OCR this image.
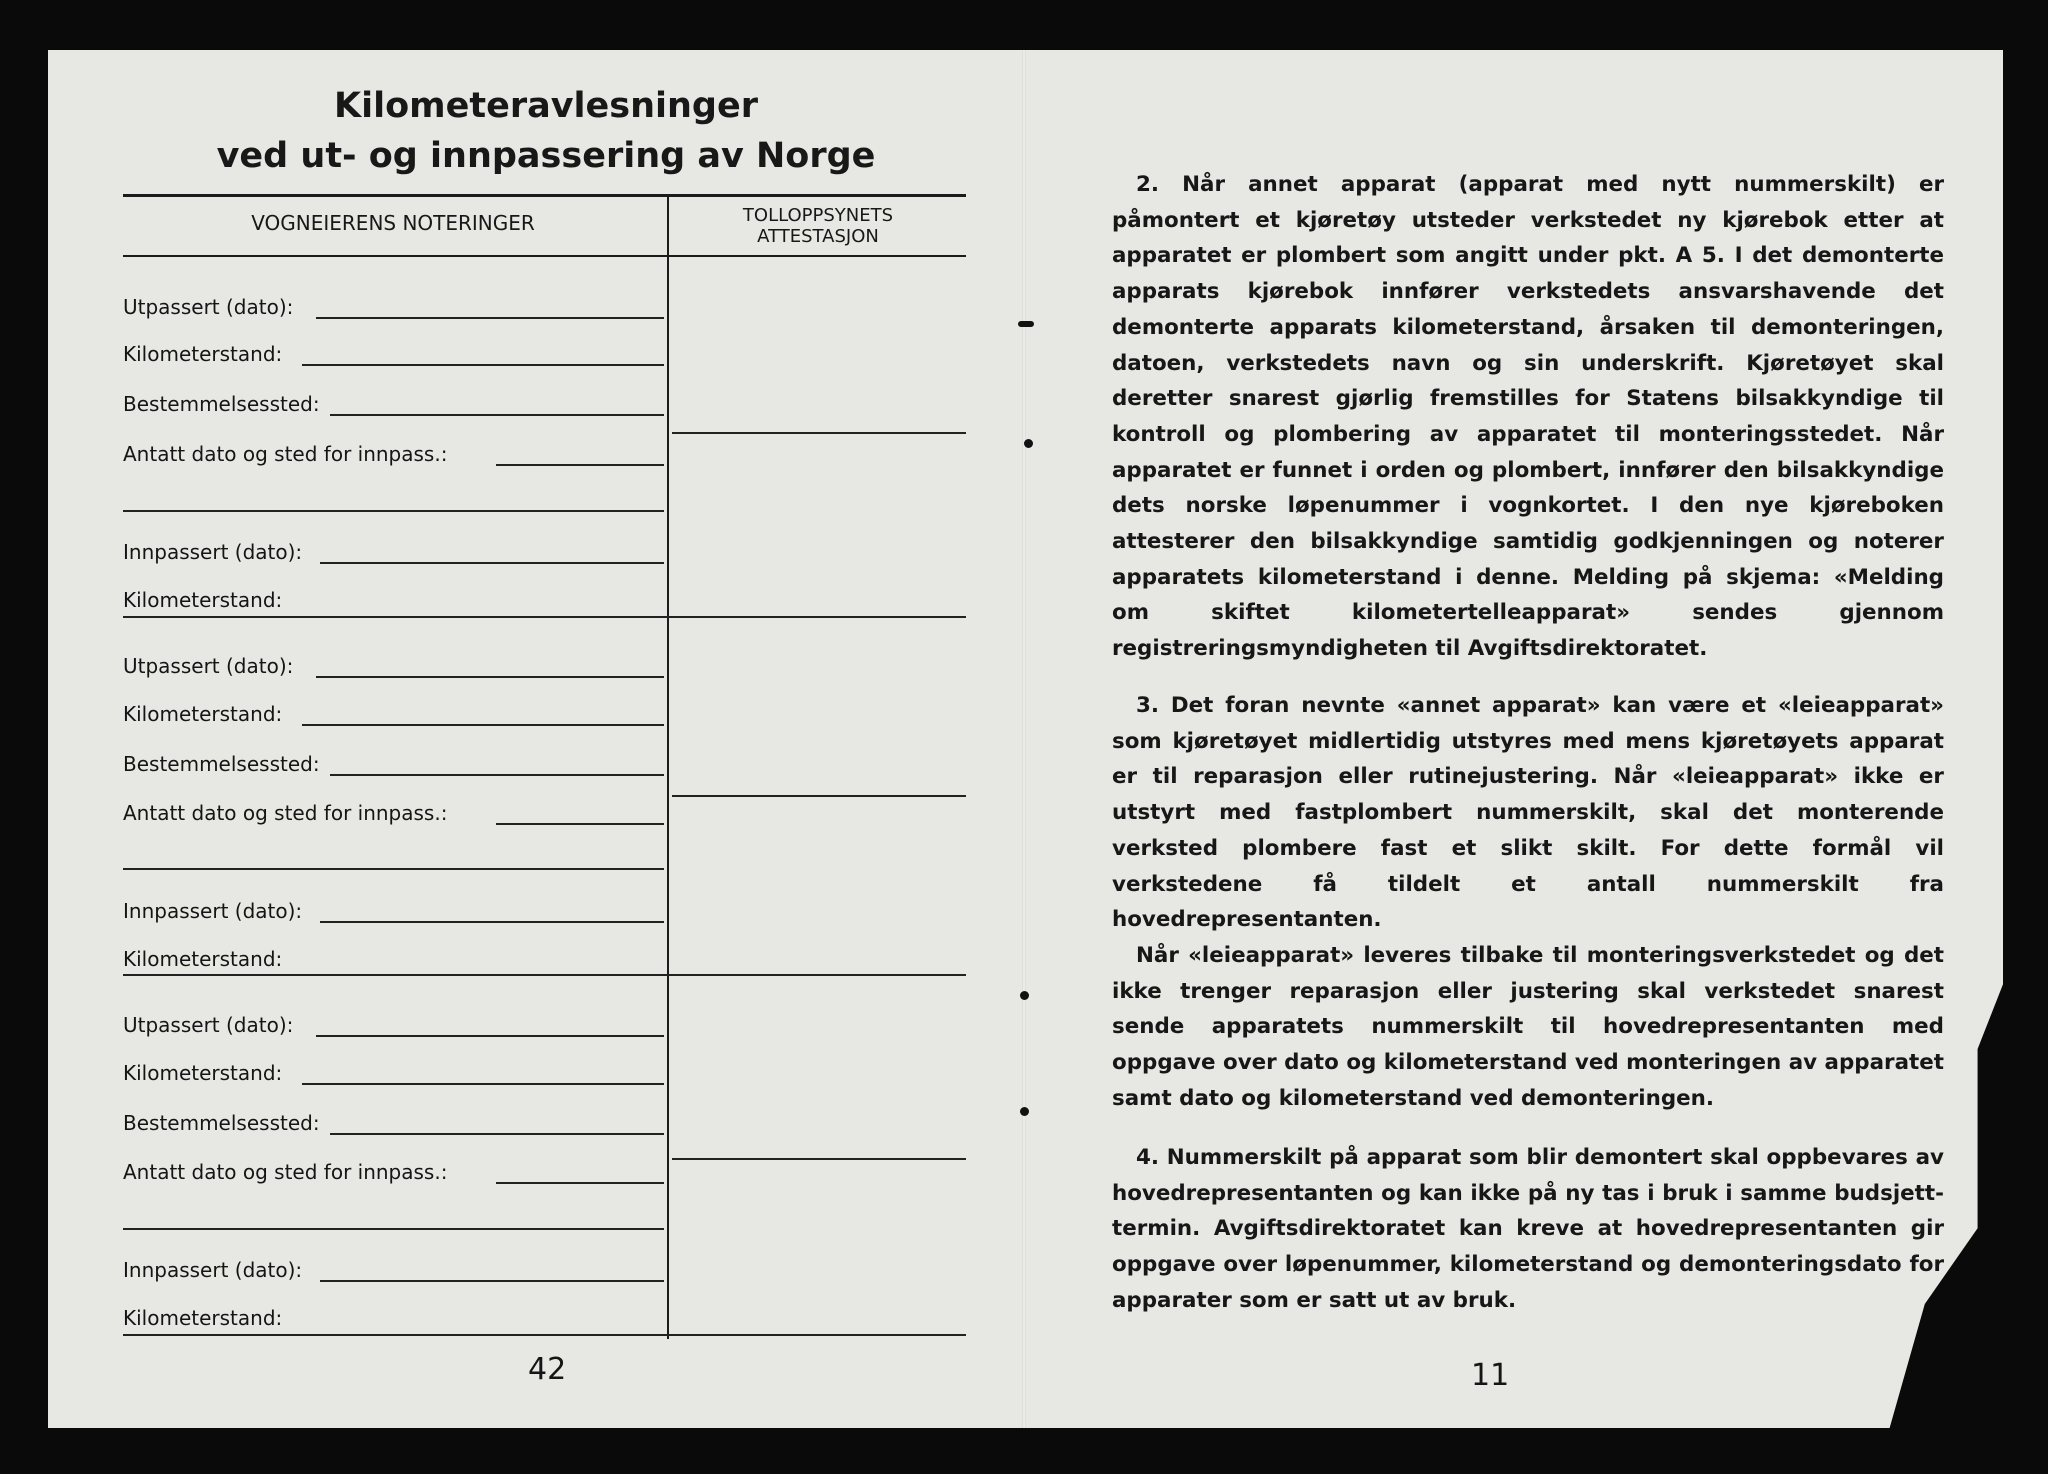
Kilometeravlesninger
ved ut- og innpassering av Norge
VOGNEIERENS NOTERINGER	TOLLOPPSYNETS
ATTESTASJON
Utpassert (dato):
Kilometerstand:
Bestemmelsessted:
Antatt dato og sted for innpass.:
Innpassert (dato):
Kilometerstand:
Utpassert (dato):
Kilometerstand:
Bestemmelsessted:
Antatt dato og sted for innpass.:
Innpassert (dato):
Kilometerstand:
Utpassert (dato):
Kilometerstand:
Bestemmelsessted:
Antatt dato og sted for innpass.:
Innpassert (dato):
Kilometerstand:
42

2. Når annet apparat (apparat med nytt nummerskilt) er påmontert et kjøretøy utsteder verkstedet ny kjørebok etter at apparatet er plombert som angitt under pkt. A 5. I det demonterte apparats kjørebok innfører verkstedets ansvarshavende det demonterte apparats kilometerstand, årsaken til demonteringen, datoen, verkstedets navn og sin underskrift. Kjøretøyet skal deretter snarest gjørlig fremstilles for Statens bilsakkyndige til kontroll og plombering av apparatet til monteringsstedet. Når apparatet er funnet i orden og plombert, innfører den bilsakkyndige dets norske løpenummer i vognkortet. I den nye kjøreboken attesterer den bilsakkyndige samtidig godkjenningen og noterer apparatets kilometerstand i denne. Melding på skjema: «Melding om skiftet kilometertelleapparat» sendes gjennom registreringsmyndigheten til Avgiftsdirektoratet.

3. Det foran nevnte «annet apparat» kan være et «leieapparat» som kjøretøyet midlertidig utstyres med mens kjøretøyets apparat er til reparasjon eller rutinejustering. Når «leieapparat» ikke er utstyrt med fastplombert nummerskilt, skal det monterende verksted plombere fast et slikt skilt. For dette formål vil verkstedene få tildelt et antall nummerskilt fra hovedrepresentanten.

Når «leieapparat» leveres tilbake til monteringsverkstedet og det ikke trenger reparasjon eller justering skal verkstedet snarest sende apparatets nummerskilt til hovedrepresentanten med oppgave over dato og kilometerstand ved monteringen av apparatet samt dato og kilometerstand ved demonteringen.

4. Nummerskilt på apparat som blir demontert skal oppbevares av hovedrepresentanten og kan ikke på ny tas i bruk i samme budsjett-termin. Avgiftsdirektoratet kan kreve at hovedrepresentanten gir oppgave over løpenummer, kilometerstand og demonteringsdato for apparater som er satt ut av bruk.

11
